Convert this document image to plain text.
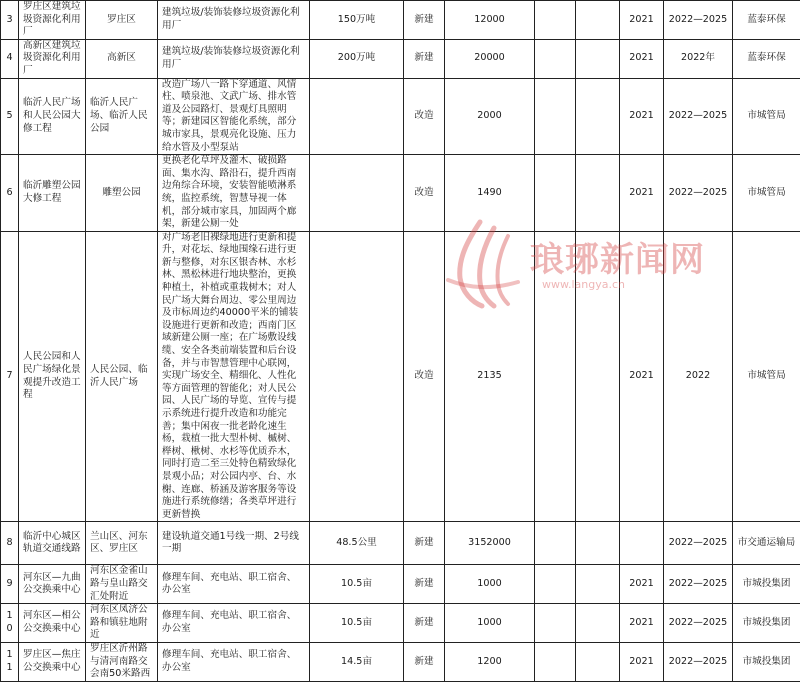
3	罗庄区建筑垃圾资源化利用厂	罗庄区	建筑垃圾/装饰装修垃圾资源化利用厂	150万吨	新建	12000			2021	2022—2025	蓝泰环保
4	高新区建筑垃圾资源化利用厂	高新区	建筑垃圾/装饰装修垃圾资源化利用厂	200万吨	新建	20000			2021	2022年	蓝泰环保
5	临沂人民广场和人民公园大修工程	临沂人民广场、临沂人民公园	改造广场八一路下穿通道、风情柱、喷泉池、文武广场、排水管道及公园路灯、景观灯具照明等；新建园区智能化系统，部分城市家具，景观亮化设施、压力给水管及小型泵站		改造	2000			2021	2022—2025	市城管局
6	临沂雕塑公园大修工程	雕塑公园	更换老化草坪及灌木、破损路面、集水沟、路沿石，提升西南边角综合环境，安装智能喷淋系统，监控系统，智慧导视一体机，部分城市家具，加固两个廊架，新建公厕一处		改造	1490			2021	2022—2025	市城管局
7	人民公园和人民广场绿化景观提升改造工程	人民公园、临沂人民广场	对广场老旧裸绿地进行更新和提升，对花坛、绿地围缘石进行更新与整修，对东区银杏林、水杉林、黑松林进行地块整治，更换种植土，补植或重栽树木；对人民广场大舞台周边、零公里周边及市标周边约40000平米的铺装设施进行更新和改造；西南门区域新建公厕一座；在广场敷设线缆、安全各类前端装置和后台设备，并与市智慧管理中心联网，实现广场安全、精细化、人性化等方面管理的智能化；对人民公园、人民广场的导览、宣传与提示系统进行提升改造和功能完善；集中闲夜一批老龄化速生杨，栽植一批大型朴树、槭树、榉树、楸树、水杉等优质乔木，同时打造二至三处特色精致绿化景观小品；对公园内亭、台、水榭、连廊、桥涵及游客服务等设施进行系统修缮；各类草坪进行更新替换		改造	2135			2021	2022	市城管局
8	临沂中心城区轨道交通线路	兰山区、河东区、罗庄区	建设轨道交通1号线一期、2号线一期	48.5公里	新建	3152000				2022—2025	市交通运输局
9	河东区—九曲公交换乘中心	河东区金雀山路与皇山路交汇处附近	修理车间、充电站、职工宿舍、办公室	10.5亩	新建	1000			2021	2022—2025	市城投集团
10	河东区—相公公交换乘中心	河东区凤济公路和镇驻地附近	修理车间、充电站、职工宿舍、办公室	10.5亩	新建	1000			2021	2022—2025	市城投集团
11	罗庄区—焦庄公交换乘中心	罗庄区沂州路与清河南路交会南50米路西	修理车间、充电站、职工宿舍、办公室	14.5亩	新建	1200			2021	2022—2025	市城投集团
琅琊新闻网
www.langya.cn
